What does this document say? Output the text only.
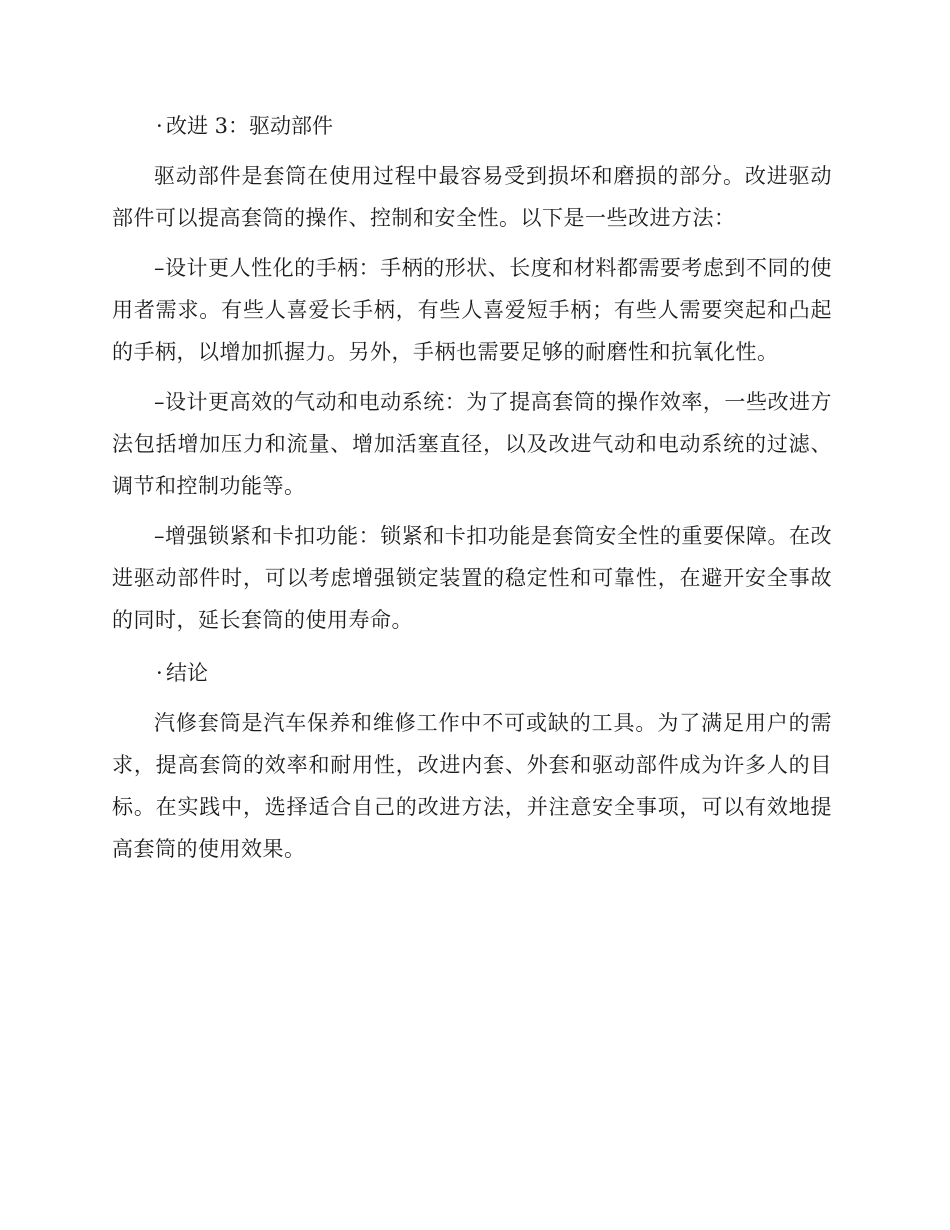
· 改进 3：驱动部件

驱动部件是套筒在使用过程中最容易受到损坏和磨损的部分。改进驱动部件可以提高套筒的操作、控制和安全性。以下是一些改进方法：

–设计更人性化的手柄：手柄的形状、长度和材料都需要考虑到不同的使用者需求。有些人喜爱长手柄，有些人喜爱短手柄；有些人需要突起和凸起的手柄，以增加抓握力。另外，手柄也需要足够的耐磨性和抗氧化性。

–设计更高效的气动和电动系统：为了提高套筒的操作效率，一些改进方法包括增加压力和流量、增加活塞直径，以及改进气动和电动系统的过滤、调节和控制功能等。

–增强锁紧和卡扣功能：锁紧和卡扣功能是套筒安全性的重要保障。在改进驱动部件时，可以考虑增强锁定装置的稳定性和可靠性，在避开安全事故的同时，延长套筒的使用寿命。

· 结论

汽修套筒是汽车保养和维修工作中不可或缺的工具。为了满足用户的需求，提高套筒的效率和耐用性，改进内套、外套和驱动部件成为许多人的目标。在实践中，选择适合自己的改进方法，并注意安全事项，可以有效地提高套筒的使用效果。
